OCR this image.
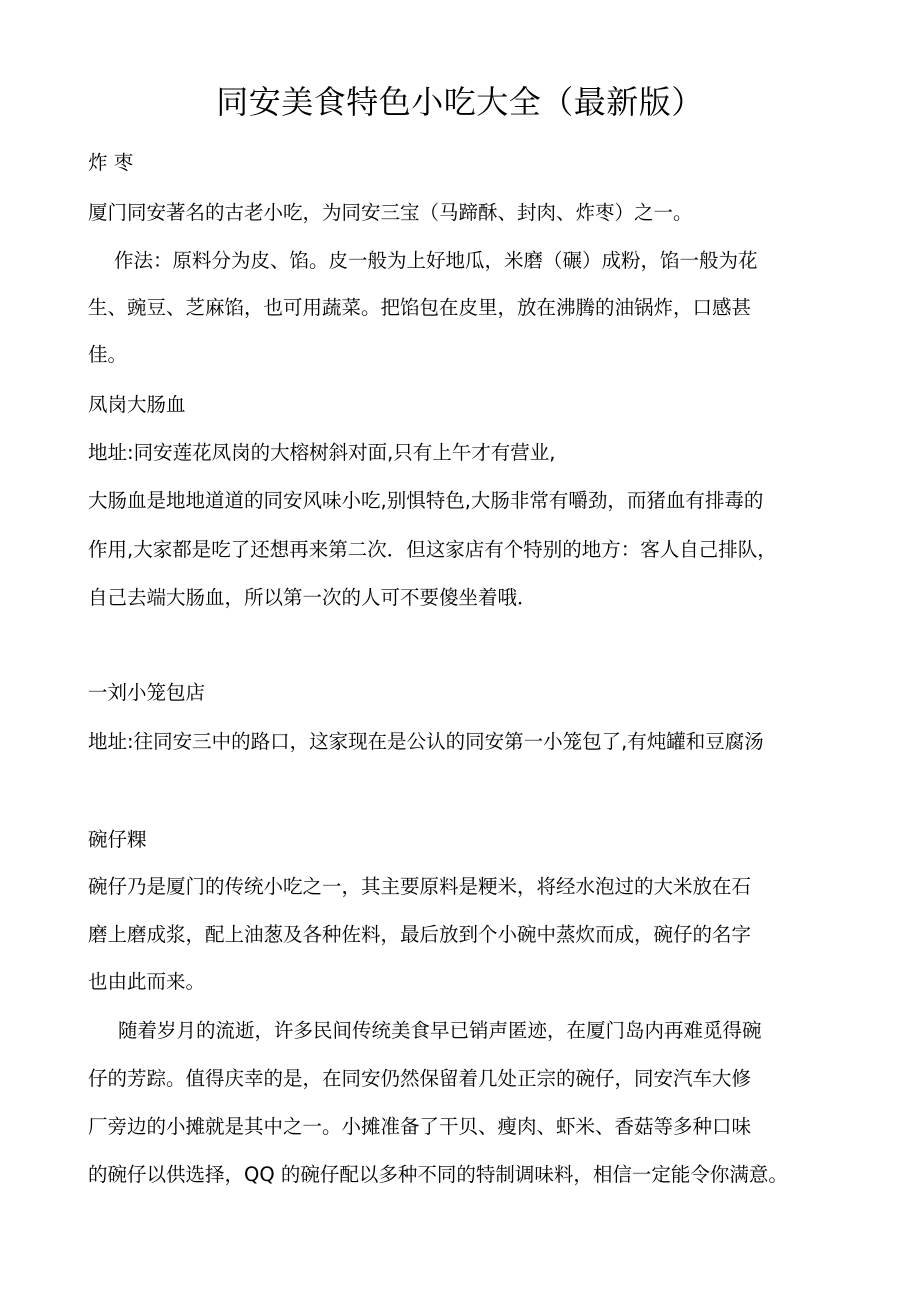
同安美食特色小吃大全（最新版）
炸 枣
厦门同安著名的古老小吃，为同安三宝（马蹄酥、封肉、炸枣）之一。
作法：原料分为皮、馅。皮一般为上好地瓜，米磨（碾）成粉，馅一般为花
生、豌豆、芝麻馅，也可用蔬菜。把馅包在皮里，放在沸腾的油锅炸，口感甚
佳。
凤岗大肠血
地址:同安莲花凤岗的大榕树斜对面,只有上午才有营业,
大肠血是地地道道的同安风味小吃,别惧特色,大肠非常有嚼劲，而猪血有排毒的
作用,大家都是吃了还想再来第二次．但这家店有个特别的地方：客人自己排队，
自己去端大肠血，所以第一次的人可不要傻坐着哦．
一刘小笼包店
地址:往同安三中的路口，这家现在是公认的同安第一小笼包了,有炖罐和豆腐汤
碗仔粿
碗仔乃是厦门的传统小吃之一，其主要原料是粳米，将经水泡过的大米放在石
磨上磨成浆，配上油葱及各种佐料，最后放到个小碗中蒸炊而成，碗仔的名字
也由此而来。
随着岁月的流逝，许多民间传统美食早已销声匿迹，在厦门岛内再难觅得碗
仔的芳踪。值得庆幸的是，在同安仍然保留着几处正宗的碗仔，同安汽车大修
厂旁边的小摊就是其中之一。小摊准备了干贝、瘦肉、虾米、香菇等多种口味
的碗仔以供选择，QQ 的碗仔配以多种不同的特制调味料，相信一定能令你满意。
